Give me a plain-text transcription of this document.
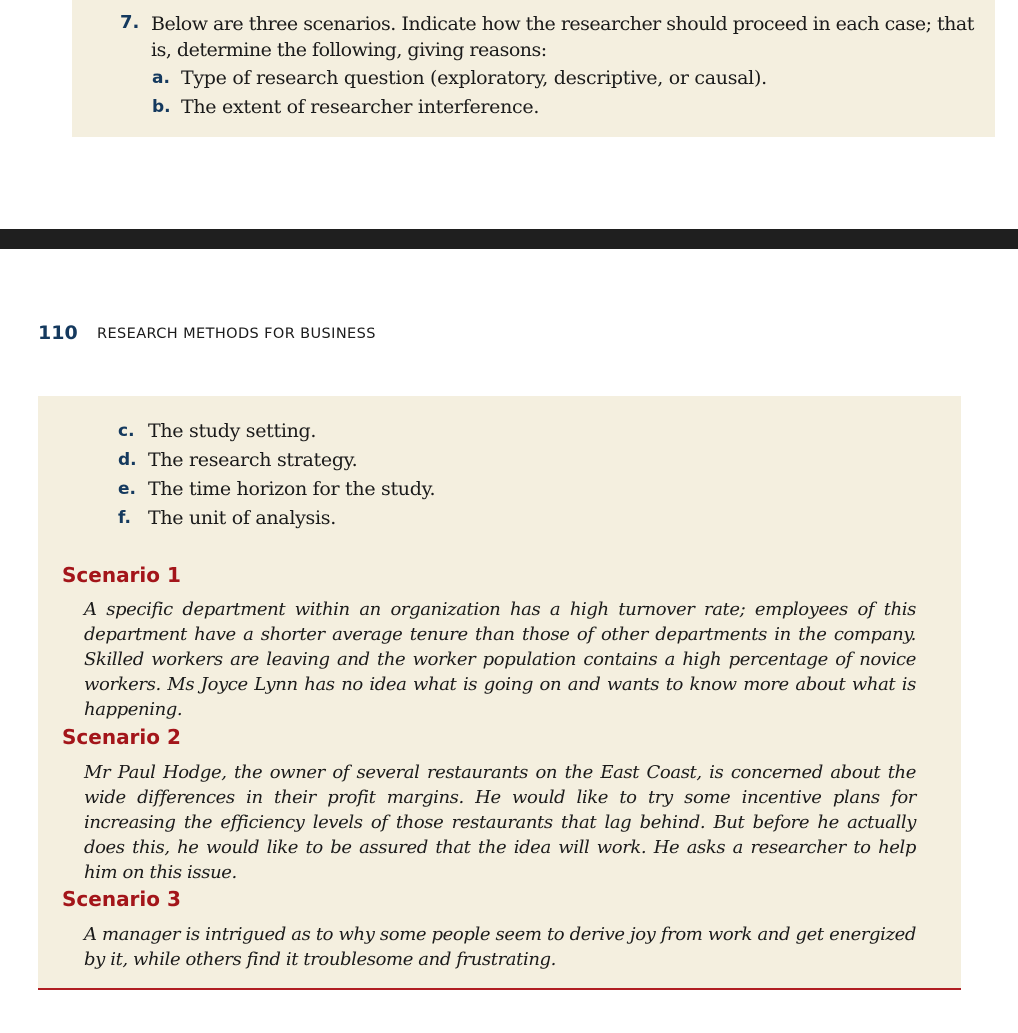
7. Below are three scenarios. Indicate how the researcher should proceed in each case; that is, determine the following, giving reasons:
a. Type of research question (exploratory, descriptive, or causal).
b. The extent of researcher interference.
110 RESEARCH METHODS FOR BUSINESS
c. The study setting.
d. The research strategy.
e. The time horizon for the study.
f. The unit of analysis.
Scenario 1
A specific department within an organization has a high turnover rate; employees of this department have a shorter average tenure than those of other departments in the company. Skilled workers are leaving and the worker population contains a high percentage of novice workers. Ms Joyce Lynn has no idea what is going on and wants to know more about what is happening.
Scenario 2
Mr Paul Hodge, the owner of several restaurants on the East Coast, is concerned about the wide differences in their profit margins. He would like to try some incentive plans for increasing the efficiency levels of those restaurants that lag behind. But before he actually does this, he would like to be assured that the idea will work. He asks a researcher to help him on this issue.
Scenario 3
A manager is intrigued as to why some people seem to derive joy from work and get energized by it, while others find it troublesome and frustrating.
